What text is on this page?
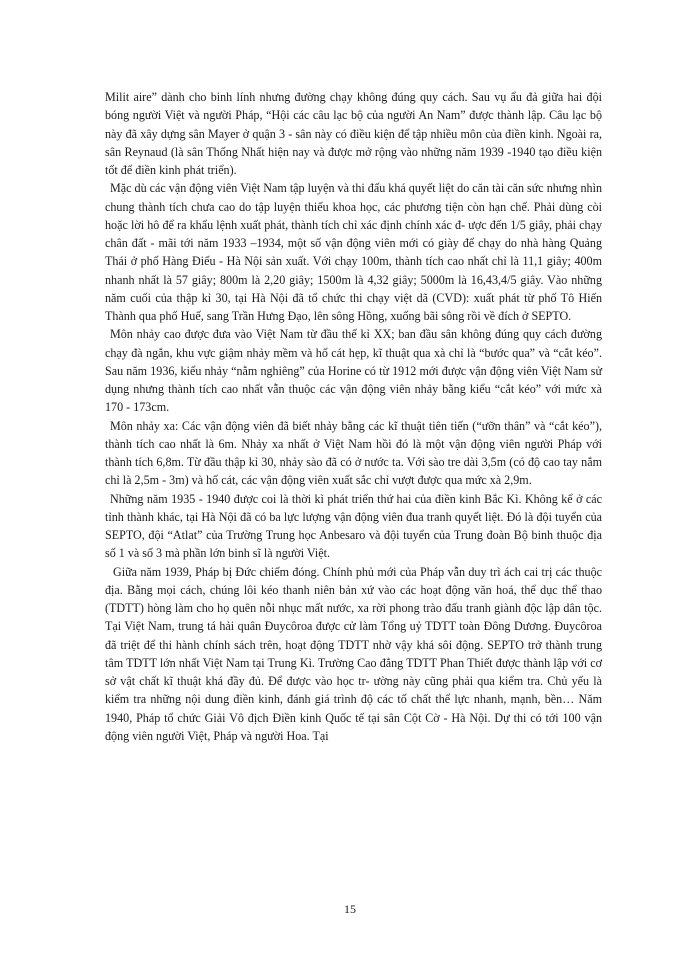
Milit aire” dành cho binh lính nhưng đường chạy không đúng quy cách. Sau vụ ẩu đả giữa hai đội bóng người Việt và người Pháp, “Hội các câu lạc bộ của người An Nam” được thành lập. Câu lạc bộ này đã xây dựng sân Mayer ở quận 3 - sân này có điều kiện để tập nhiều môn của điền kinh. Ngoài ra, sân Reynaud (là sân Thống Nhất hiện nay và được mở rộng vào những năm 1939 -1940 tạo điều kiện tốt để điền kinh phát triển).

Mặc dù các vận động viên Việt Nam tập luyện và thi đấu khá quyết liệt do căn tài căn sức nhưng nhìn chung thành tích chưa cao do tập luyện thiếu khoa học, các phương tiện còn hạn chế. Phải dùng còi hoặc lời hô để ra khẩu lệnh xuất phát, thành tích chỉ xác định chính xác đ- ược đến 1/5 giây, phải chạy chân đất - mãi tới năm 1933 –1934, một số vận động viên mới có giày để chạy do nhà hàng Quảng Thái ở phố Hàng Điếu - Hà Nội sản xuất. Với chạy 100m, thành tích cao nhất chỉ là 11,1 giây; 400m nhanh nhất là 57 giây; 800m là 2,20 giây; 1500m là 4,32 giây; 5000m là 16,43,4/5 giây. Vào những năm cuối của thập kỉ 30, tại Hà Nội đã tổ chức thi chạy việt dã (CVD): xuất phát từ phố Tô Hiến Thành qua phố Huế, sang Trần Hưng Đạo, lên sông Hồng, xuống bãi sông rồi về đích ở SEPTO.

Môn nhảy cao được đưa vào Việt Nam từ đầu thế kỉ XX; ban đầu sân không đúng quy cách đường chạy đà ngắn, khu vực giậm nhảy mềm và hố cát hẹp, kĩ thuật qua xà chỉ là “bước qua” và “cắt kéo”. Sau năm 1936, kiểu nhảy “nằm nghiêng” của Horine có từ 1912 mới được vận động viên Việt Nam sử dụng nhưng thành tích cao nhất vẫn thuộc các vận động viên nhảy bằng kiểu “cắt kéo” với mức xà 170 - 173cm.

Môn nhảy xa: Các vận động viên đã biết nhảy bằng các kĩ thuật tiên tiến (“ưỡn thân” và “cắt kéo”), thành tích cao nhất là 6m. Nhảy xa nhất ở Việt Nam hồi đó là một vận động viên người Pháp với thành tích 6,8m. Từ đầu thập kỉ 30, nhảy sào đã có ở nước ta. Với sào tre dài 3,5m (có độ cao tay nắm chỉ là 2,5m - 3m) và hố cát, các vận động viên xuất sắc chỉ vượt được qua mức xà 2,9m.

Những năm 1935 - 1940 được coi là thời kì phát triển thứ hai của điền kinh Bắc Kì. Không kể ở các tỉnh thành khác, tại Hà Nội đã có ba lực lượng vận động viên đua tranh quyết liệt. Đó là đội tuyển của SEPTO, đội “Atlat” của Trường Trung học Anbesaro và đội tuyển của Trung đoàn Bộ binh thuộc địa số 1 và số 3 mà phần lớn binh sĩ là người Việt.

Giữa năm 1939, Pháp bị Đức chiếm đóng. Chính phủ mới của Pháp vẫn duy trì ách cai trị các thuộc địa. Bằng mọi cách, chúng lôi kéo thanh niên bản xứ vào các hoạt động văn hoá, thể dục thể thao (TDTT) hòng làm cho họ quên nỗi nhục mất nước, xa rời phong trào đấu tranh giành độc lập dân tộc. Tại Việt Nam, trung tá hải quân Đuycôroa được cử làm Tổng uỷ TDTT toàn Đông Dương. Đuycôroa đã triệt để thi hành chính sách trên, hoạt động TDTT nhờ vậy khá sôi động. SEPTO trở thành trung tâm TDTT lớn nhất Việt Nam tại Trung Kì. Trường Cao đẳng TDTT Phan Thiết được thành lập với cơ sở vật chất kĩ thuật khá đầy đủ. Để được vào học tr- ường này cũng phải qua kiểm tra. Chủ yếu là kiểm tra những nội dung điền kinh, đánh giá trình độ các tố chất thể lực nhanh, mạnh, bền… Năm 1940, Pháp tổ chức Giải Vô địch Điền kinh Quốc tế tại sân Cột Cờ - Hà Nội. Dự thi có tới 100 vận động viên người Việt, Pháp và người Hoa. Tại

15
